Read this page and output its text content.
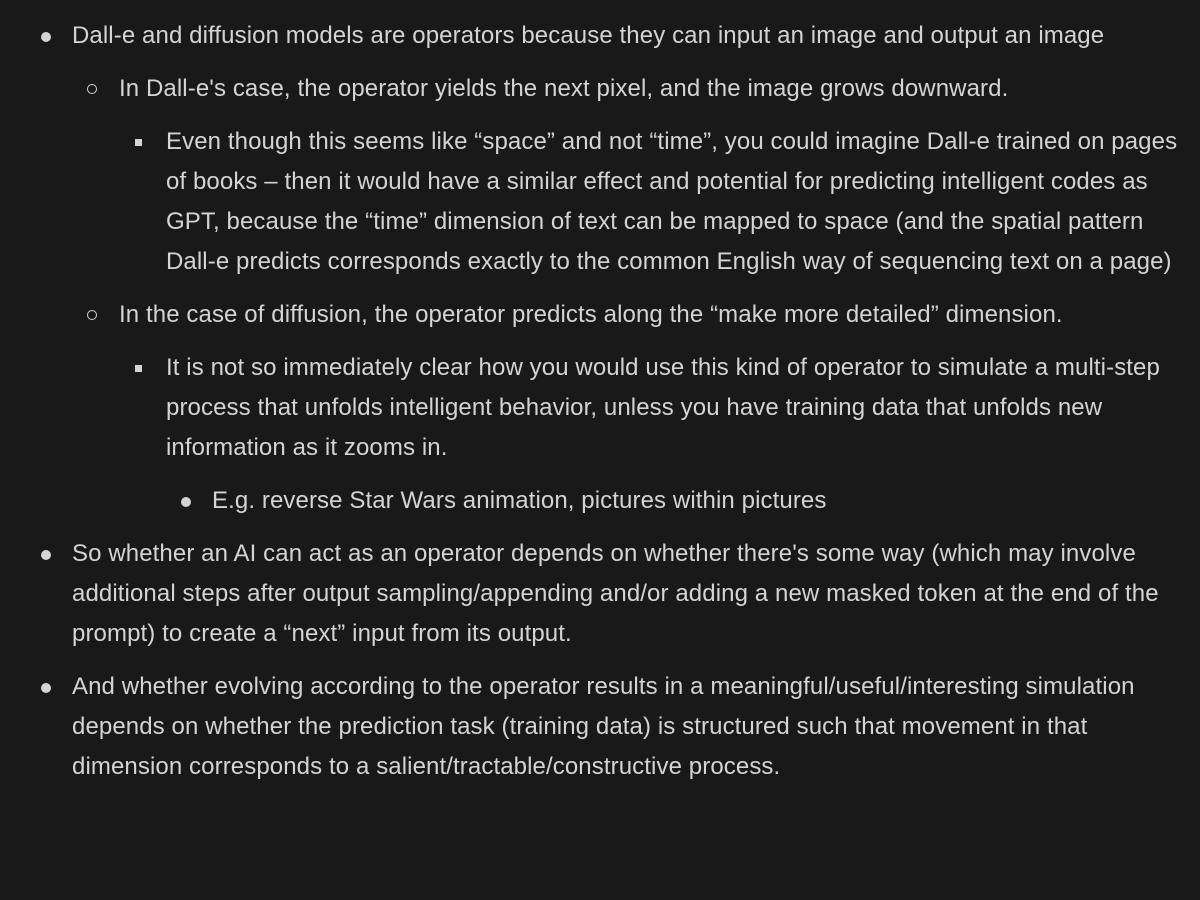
Dall-e and diffusion models are operators because they can input an image and output an image
In Dall-e's case, the operator yields the next pixel, and the image grows downward.
Even though this seems like “space” and not “time”, you could imagine Dall-e trained on pages of books – then it would have a similar effect and potential for predicting intelligent codes as GPT, because the “time” dimension of text can be mapped to space (and the spatial pattern Dall-e predicts corresponds exactly to the common English way of sequencing text on a page)
In the case of diffusion, the operator predicts along the “make more detailed” dimension.
It is not so immediately clear how you would use this kind of operator to simulate a multi-step process that unfolds intelligent behavior, unless you have training data that unfolds new information as it zooms in.
E.g. reverse Star Wars animation, pictures within pictures
So whether an AI can act as an operator depends on whether there's some way (which may involve additional steps after output sampling/appending and/or adding a new masked token at the end of the prompt) to create a “next” input from its output.
And whether evolving according to the operator results in a meaningful/useful/interesting simulation depends on whether the prediction task (training data) is structured such that movement in that dimension corresponds to a salient/tractable/constructive process.
